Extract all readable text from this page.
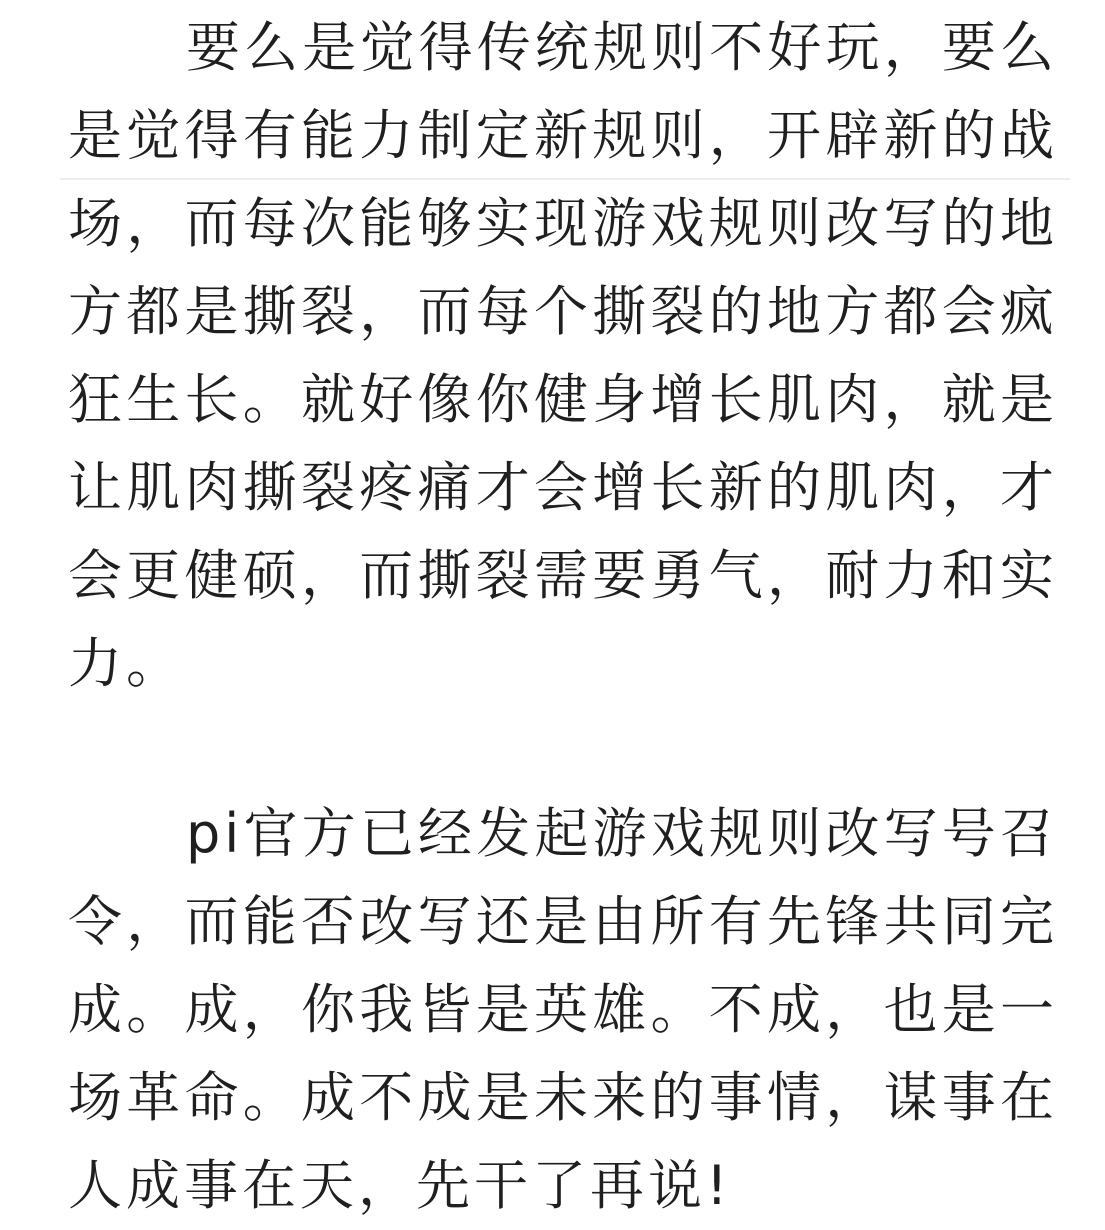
要么是觉得传统规则不好玩，要么是觉得有能力制定新规则，开辟新的战场，而每次能够实现游戏规则改写的地方都是撕裂，而每个撕裂的地方都会疯狂生长。就好像你健身增长肌肉，就是让肌肉撕裂疼痛才会增长新的肌肉，才会更健硕，而撕裂需要勇气，耐力和实力。

pi官方已经发起游戏规则改写号召令，而能否改写还是由所有先锋共同完成。成，你我皆是英雄。不成，也是一场革命。成不成是未来的事情，谋事在人成事在天，先干了再说!
